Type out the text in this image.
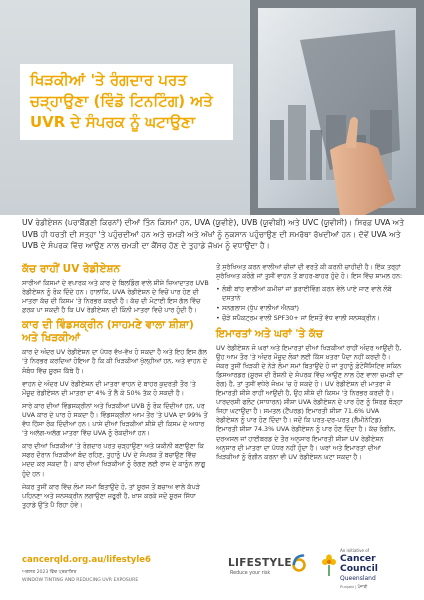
ਖਿੜਕੀਆਂ 'ਤੇ ਰੰਗਦਾਰ ਪਰਤ ਚੜ੍ਹਾਉਣਾ (ਵਿੰਡੋ ਟਿਨਟਿੰਗ) ਅਤੇ UVR ਦੇ ਸੰਪਰਕ ਨੂੰ ਘਟਾਉਣਾ

UV ਰੇਡੀਏਸ਼ਨ (ਪਰਾਬੈਂਗਣੀ ਕਿਰਨਾਂ) ਦੀਆਂ ਤਿੰਨ ਕਿਸਮਾਂ ਹਨ, UVA (ਯੂਵੀਏ), UVB (ਯੂਵੀਬੀ) ਅਤੇ UVC (ਯੂਵੀਸੀ)। ਸਿਰਫ਼ UVA ਅਤੇ UVB ਹੀ ਧਰਤੀ ਦੀ ਸਤ੍ਹਾ 'ਤੇ ਪਹੁੰਚਦੀਆਂ ਹਨ ਅਤੇ ਚਮੜੀ ਅਤੇ ਅੱਖਾਂ ਨੂੰ ਨੁਕਸਾਨ ਪਹੁੰਚਾਉਣ ਦੀ ਸਮਰੱਥਾ ਰੱਖਦੀਆਂ ਹਨ। ਦੋਵੇਂ UVA ਅਤੇ UVB ਦੇ ਸੰਪਰਕ ਵਿੱਚ ਆਉਣ ਨਾਲ ਚਮੜੀ ਦਾ ਕੈਂਸਰ ਹੋਣ ਦੇ ਤੁਹਾਡੇ ਜੋਖਮ ਨੂੰ ਵਧਾਉਂਦਾ ਹੈ।

ਕੱਚ ਰਾਹੀਂ UV ਰੇਡੀਏਸ਼ਨ

ਸਾਰੀਆਂ ਕਿਸਮਾਂ ਦੇ ਵਪਾਰਕ ਅਤੇ ਕਾਰ ਦੇ ਬਿਲਡਿੰਗ ਵਾਲੇ ਸ਼ੀਸ਼ੇ ਜ਼ਿਆਦਾਤਰ UVB ਰੇਡੀਏਸ਼ਨ ਨੂੰ ਰੋਕ ਦਿੰਦੇ ਹਨ। ਹਾਲਾਂਕਿ, UVA ਰੇਡੀਏਸ਼ਨ ਦੇ ਵਿਚੋਂ ਪਾਰ ਹੋਣ ਦੀ ਮਾਤਰਾ ਕੱਚ ਦੀ ਕਿਸਮ 'ਤੇ ਨਿਰਭਰ ਕਰਦੀ ਹੈ। ਕੱਚ ਦੀ ਮੋਟਾਈ ਇਸ ਗੱਲ ਵਿੱਚ ਫ਼ਰਕ ਪਾ ਸਕਦੀ ਹੈ ਕਿ UV ਰੇਡੀਏਸ਼ਨ ਦੀ ਕਿੰਨੀ ਮਾਤਰਾ ਵਿਚੋਂ ਪਾਰ ਹੁੰਦੀ ਹੈ।

ਕਾਰ ਦੀ ਵਿੰਡਸਕ੍ਰੀਨ (ਸਾਹਮਣੇ ਵਾਲਾ ਸ਼ੀਸ਼ਾ) ਅਤੇ ਖਿੜਕੀਆਂ

ਕਾਰ ਦੇ ਅੰਦਰ UV ਰੇਡੀਏਸ਼ਨ ਦਾ ਪੱਧਰ ਵੱਖ-ਵੱਖ ਹੋ ਸਕਦਾ ਹੈ ਅਤੇ ਇਹ ਇਸ ਗੱਲ 'ਤੇ ਨਿਰਭਰ ਕਰਦਿਆਂ ਹੋਇਆ ਹੈ ਕਿ ਕੀ ਖਿੜਕੀਆਂ ਖੁੱਲ੍ਹੀਆਂ ਹਨ, ਅਤੇ ਵਾਹਨ ਦੇ ਸੰਬੰਧ ਵਿੱਚ ਸੂਰਜ ਕਿੱਥੇ ਹੈ।

ਵਾਹਨ ਦੇ ਅੰਦਰ UV ਰੇਡੀਏਸ਼ਨ ਦੀ ਮਾਤਰਾ ਵਾਹਨ ਦੇ ਬਾਹਰ ਕੁਦਰਤੀ ਤੌਰ 'ਤੇ ਮੌਜੂਦ ਰੇਡੀਏਸ਼ਨ ਦੀ ਮਾਤਰਾ ਦਾ 4% ਤੋਂ ਲੈ ਕੇ 50% ਤੱਕ ਹੋ ਸਕਦੀ ਹੈ।

ਸਾਰੇ ਕਾਰ ਦੀਆਂ ਵਿੰਡਸਕ੍ਰੀਨਾਂ ਅਤੇ ਖਿੜਕੀਆਂ UVB ਨੂੰ ਰੋਕ ਦਿੰਦੀਆਂ ਹਨ, ਪਰ UVA ਕਾਰ ਦੇ ਪਾਰ ਹੋ ਸਕਦਾ ਹੈ। ਵਿੰਡਸਕ੍ਰੀਨਾਂ ਆਮ ਤੌਰ 'ਤੇ UVA ਦਾ 99% ਤੋਂ ਵੱਧ ਹਿੱਸਾ ਰੋਕ ਦਿੰਦੀਆਂ ਹਨ। ਪਾਸੇ ਦੀਆਂ ਖਿੜਕੀਆਂ ਸ਼ੀਸ਼ੇ ਦੀ ਕਿਸਮ ਦੇ ਅਧਾਰ 'ਤੇ ਅਲੱਗ-ਅਲੱਗ ਮਾਤਰਾ ਵਿੱਚ UVA ਨੂੰ ਰੋਕਦੀਆਂ ਹਨ।

ਕਾਰ ਦੀਆਂ ਖਿੜਕੀਆਂ 'ਤੇ ਰੰਗਦਾਰ ਪਰਤ ਚੜ੍ਹਾਉਣਾ ਅਤੇ ਯਕੀਨੀ ਬਣਾਉਣਾ ਕਿ ਸਫਰ ਦੌਰਾਨ ਖਿੜਕੀਆਂ ਬੰਦ ਰਹਿਣ, ਤੁਹਾਨੂੰ UV ਦੇ ਸੰਪਰਕ ਤੋਂ ਬਚਾਉਣ ਵਿੱਚ ਮਦਦ ਕਰ ਸਕਦਾ ਹੈ। ਕਾਰ ਦੀਆਂ ਖਿੜਕੀਆਂ ਨੂੰ ਰੰਗਣ ਲਈ ਰਾਜ ਦੇ ਕਾਨੂੰਨ ਲਾਗੂ ਹੁੰਦੇ ਹਨ।

ਜੇਕਰ ਤੁਸੀਂ ਕਾਰ ਵਿੱਚ ਲੰਮਾ ਸਮਾਂ ਬਿਤਾਉਂਦੇ ਹੋ, ਤਾਂ ਸੂਰਜ ਤੋਂ ਬਚਾਅ ਵਾਲੇ ਕੱਪੜੇ ਪਹਿਨਣਾ ਅਤੇ ਸਨਸਕ੍ਰੀਨ ਲਗਾਉਣਾ ਜ਼ਰੂਰੀ ਹੈ, ਖ਼ਾਸ ਕਰਕੇ ਜਦੋਂ ਸੂਰਜ ਸਿੱਧਾ ਤੁਹਾਡੇ ਉੱਤੇ ਪੈ ਰਿਹਾ ਹੋਵੇ।

ਤੋਂ ਸੁਰੱਖਿਅਤ ਕਰਨ ਵਾਲੀਆਂ ਚੀਜ਼ਾਂ ਦੀ ਵਰਤੋਂ ਕੀ ਕਰਨੀ ਚਾਹੀਦੀ ਹੈ। ਇੱਕ ਤਰ੍ਹਾਂ ਸੁਰੱਖਿਅਤ ਕਰੋਗੇ ਜਾਂ ਤੁਸੀਂ ਵਾਹਨ ਤੋਂ ਬਾਹਰ-ਬਾਹਰ ਹੁੰਦੇ ਹੋ। ਇਸ ਵਿੱਚ ਸ਼ਾਮਲ ਹਨ:

• ਲੰਬੀ ਬਾਂਹ ਵਾਲੀਆਂ ਕਮੀਜ਼ਾਂ ਜਾਂ ਡਰਾਈਵਿੰਗ ਕਰਨ ਵੇਲੇ ਪਾਏ ਜਾਣ ਵਾਲੇ ਲੰਬੇ ਦਸਤਾਨੇ
• ਸਨਗਲਾਸ (ਧੁੱਪ ਵਾਲੀਆਂ ਐਨਕਾਂ)
• ਚੌੜੇ ਸਪੈਕਟ੍ਰਮ ਵਾਲੀ SPF30+ ਜਾਂ ਇਸਤੋਂ ਵੱਧ ਵਾਲੀ ਸਨਸਕ੍ਰੀਨ।
ਇਮਾਰਤਾਂ ਅਤੇ ਘਰਾਂ 'ਤੇ ਕੱਚ

UV ਰੇਡੀਏਸ਼ਨ ਜੋ ਘਰਾਂ ਅਤੇ ਇਮਾਰਤਾਂ ਦੀਆਂ ਖਿੜਕੀਆਂ ਰਾਹੀਂ ਅੰਦਰ ਆਉਂਦੀ ਹੈ, ਉਹ ਆਮ ਤੌਰ 'ਤੇ ਅੰਦਰ ਮੌਜੂਦ ਲੋਕਾਂ ਲਈ ਕਿੱਸ ਖ਼ਤਰਾ ਪੈਦਾ ਨਹੀਂ ਕਰਦੀ ਹੈ। ਜੇਕਰ ਤੁਸੀਂ ਖਿੜਕੀ ਦੇ ਨੇੜੇ ਲੰਮਾ ਸਮਾਂ ਬਿਤਾਉਂਦੇ ਹੋ ਜਾਂ ਤੁਹਾਨੂੰ ਫ਼ੋਟੋਸੈਂਸਿਟਿਵ ਸਕਿਨ ਡਿਸਆਰਡਰ (ਸੂਰਜ ਦੀ ਰੌਸ਼ਨੀ ਦੇ ਸੰਪਰਕ ਵਿੱਚ ਆਉਣ ਨਾਲ ਹੋਣ ਵਾਲਾ ਚਮੜੀ ਦਾ ਰੋਗ) ਹੈ, ਤਾਂ ਤੁਸੀਂ ਵਧੇਰੇ ਜੋਖਮ 'ਚ ਹੋ ਸਕਦੇ ਹੋ। UV ਰੇਡੀਏਸ਼ਨ ਦੀ ਮਾਤਰਾ ਜੋ ਇਮਾਰਤੀ ਸ਼ੀਸ਼ੇ ਰਾਹੀਂ ਆਉਂਦੀ ਹੈ, ਉਹ ਸ਼ੀਸ਼ੇ ਦੀ ਕਿਸਮ 'ਤੇ ਨਿਰਭਰ ਕਰਦੀ ਹੈ। ਪਾਰਦਰਸ਼ੀ ਫਲੋਟ (ਸਾਧਾਰਨ) ਸ਼ੀਸ਼ਾ UVA ਰੇਡੀਏਸ਼ਨ ਦੇ ਪਾਰ ਹੋਣ ਨੂੰ ਸਿਰਫ਼ ਥੋੜ੍ਹਾ ਜਿਹਾ ਘਟਾਉਂਦਾ ਹੈ। ਸਮਤਲ (ਟੈਂਪਰਡ) ਇਮਾਰਤੀ ਸ਼ੀਸ਼ਾ 71.6% UVA ਰੇਡੀਏਸ਼ਨ ਨੂੰ ਪਾਰ ਹੋਣ ਦਿੰਦਾ ਹੈ। ਜਦੋਂ ਕਿ ਪਰਤ-ਦਰ-ਪਰਤ (ਲੈਮੀਨੇਟਿਡ) ਇਮਾਰਤੀ ਸ਼ੀਸ਼ਾ 74.3% UVA ਰੇਡੀਏਸ਼ਨ ਨੂੰ ਪਾਰ ਹੋਣ ਦਿੰਦਾ ਹੈ। ਕੱਚ ਰੰਗੀਨ, ਦਰਅਸਲ ਜਾਂ ਹਾਈਬਰਡ ਦੇ ਤੌਰ ਅਨੁਸਾਰ ਇਮਾਰਤੀ ਸ਼ੀਸ਼ਾ UV ਰੇਡੀਏਸ਼ਨ ਅਨੁਸਾਰ ਦੀ ਮਾਤਰਾ ਦਾ ਪੱਧਰ ਨਹੀਂ ਹੁੰਦਾ ਹੈ। ਘਰਾਂ ਅਤੇ ਇਮਾਰਤਾਂ ਦੀਆਂ ਖਿੜਕੀਆਂ ਨੂੰ ਰੰਗੀਨ ਕਰਨਾ ਵੀ UV ਰੇਡੀਏਸ਼ਨ ਘਟਾ ਸਕਦਾ ਹੈ।

cancerqld.org.au/lifestyle6
ਅਗਸਤ 2023 ਵਿੱਚ ਪ੍ਰਕਾਸ਼ਿਤ
WINDOW TINTING AND REDUCING UVR EXPOSURE
LIFESTYLE
Reduce your risk
An initiative of
Cancer
Council
Queensland
Punjabi | ਪੰਜਾਬੀ
